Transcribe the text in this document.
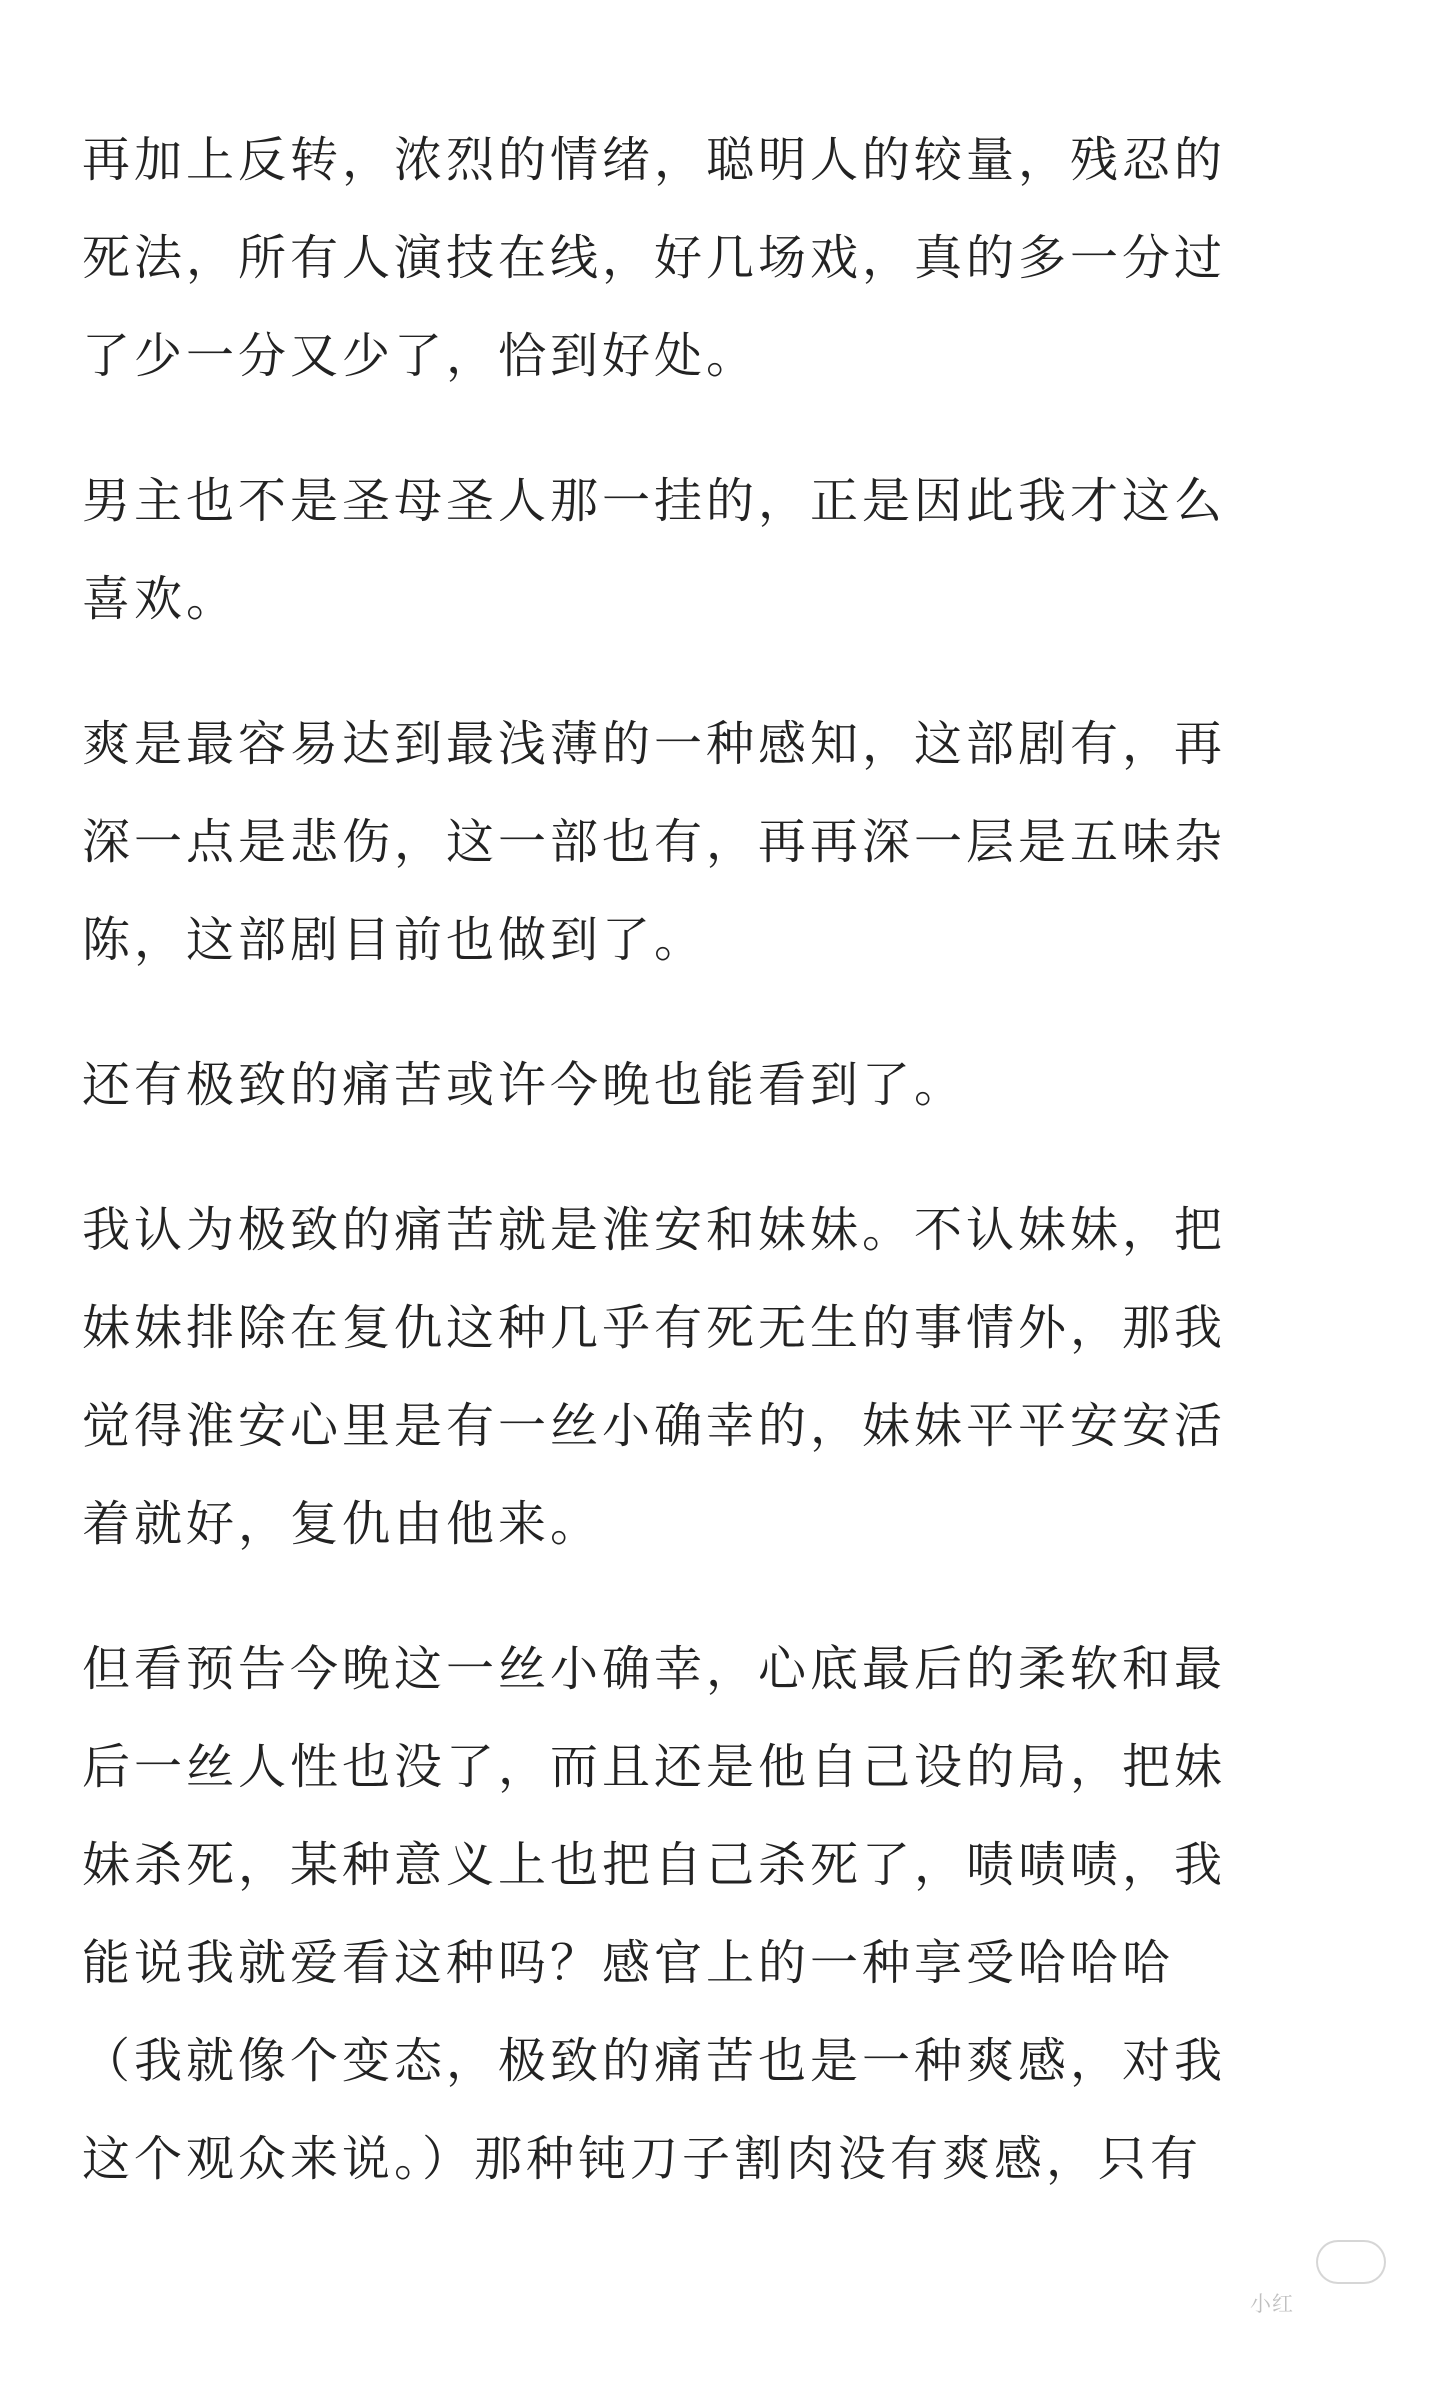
再加上反转，浓烈的情绪，聪明人的较量，残忍的
死法，所有人演技在线，好几场戏，真的多一分过
了少一分又少了，恰到好处。
男主也不是圣母圣人那一挂的，正是因此我才这么
喜欢。
爽是最容易达到最浅薄的一种感知，这部剧有，再
深一点是悲伤，这一部也有，再再深一层是五味杂
陈，这部剧目前也做到了。
还有极致的痛苦或许今晚也能看到了。
我认为极致的痛苦就是淮安和妹妹。不认妹妹，把
妹妹排除在复仇这种几乎有死无生的事情外，那我
觉得淮安心里是有一丝小确幸的，妹妹平平安安活
着就好，复仇由他来。
但看预告今晚这一丝小确幸，心底最后的柔软和最
后一丝人性也没了，而且还是他自己设的局，把妹
妹杀死，某种意义上也把自己杀死了，啧啧啧，我
能说我就爱看这种吗？感官上的一种享受哈哈哈
（我就像个变态，极致的痛苦也是一种爽感，对我
这个观众来说。）那种钝刀子割肉没有爽感，只有
小红
